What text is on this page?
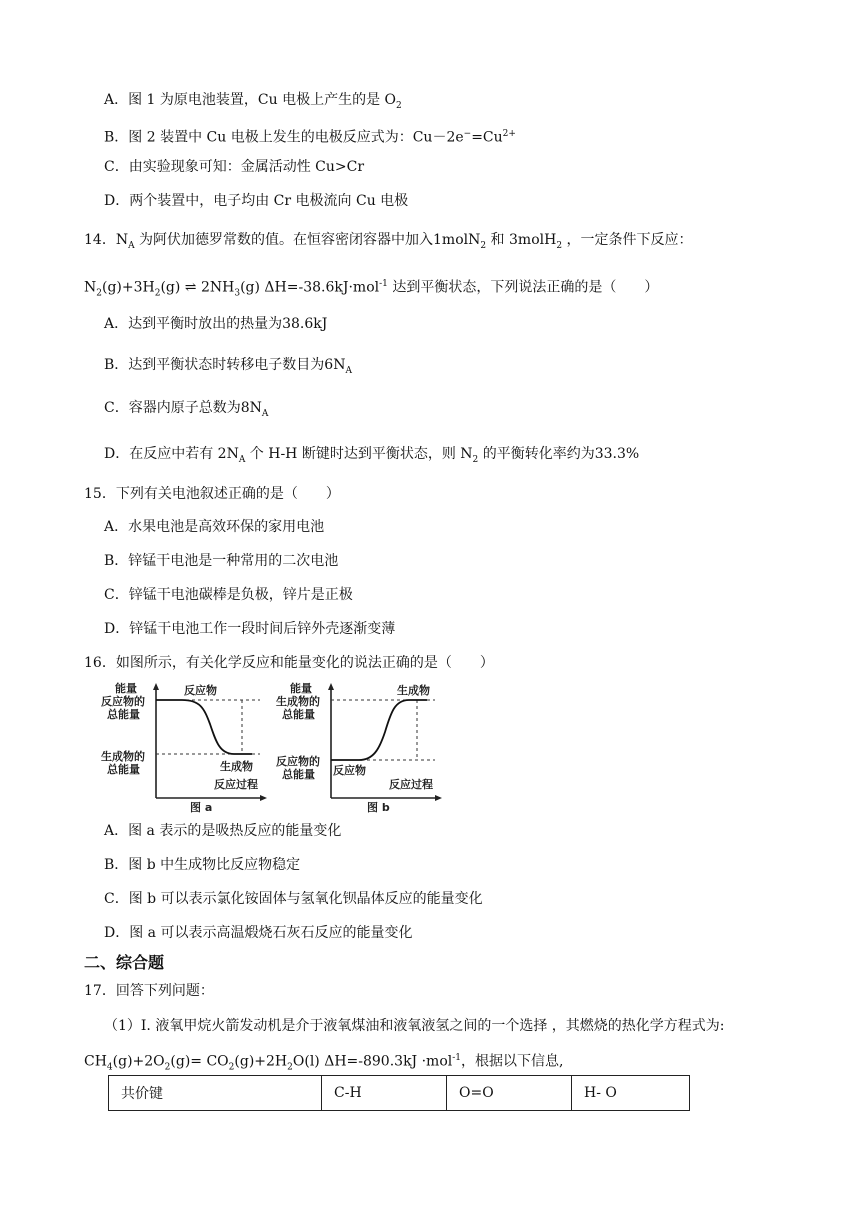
A．图 1 为原电池装置，Cu 电极上产生的是 $O_2$
B．图 2 装置中 Cu 电极上发生的电极反应式为：$Cu-2e^-=Cu^{2+}$
C．由实验现象可知：金属活动性 Cu>Cr
D．两个装置中，电子均由 Cr 电极流向 Cu 电极
14．$N_A$ 为阿伏加德罗常数的值。在恒容密闭容器中加入1molN$_2$ 和 3molH$_2$ ，一定条件下反应：
$N_2(g)+3H_2(g)$ ⇌ $2NH_3(g)$ ΔH=-38.6kJ·mol$^{-1}$ 达到平衡状态，下列说法正确的是（　　）
A．达到平衡时放出的热量为38.6kJ
B．达到平衡状态时转移电子数目为$6N_A$
C．容器内原子总数为$8N_A$
D．在反应中若有 $2N_A$ 个 H-H 断键时达到平衡状态，则 $N_2$ 的平衡转化率约为33.3%
15．下列有关电池叙述正确的是（　　）
A．水果电池是高效环保的家用电池
B．锌锰干电池是一种常用的二次电池
C．锌锰干电池碳棒是负极，锌片是正极
D．锌锰干电池工作一段时间后锌外壳逐渐变薄
16．如图所示，有关化学反应和能量变化的说法正确的是（　　）
能量
反应物的
总能量
生成物的
总能量
反应物
生成物
反应过程
图 a
能量
生成物的
总能量
反应物的
总能量 反应物
生成物
反应过程
图 b
A．图 a 表示的是吸热反应的能量变化
B．图 b 中生成物比反应物稳定
C．图 b 可以表示氯化铵固体与氢氧化钡晶体反应的能量变化
D．图 a 可以表示高温煅烧石灰石反应的能量变化
二、综合题
17．回答下列问题：
（1）I. 液氧甲烷火箭发动机是介于液氧煤油和液氧液氢之间的一个选择 ，其燃烧的热化学方程式为:
$CH_4(g)+2O_2(g)= CO_2(g)+2H_2O(l)$ ΔH=-890.3kJ ·mol$^{-1}$，根据以下信息,
共价键	C-H	O=O	H- O
